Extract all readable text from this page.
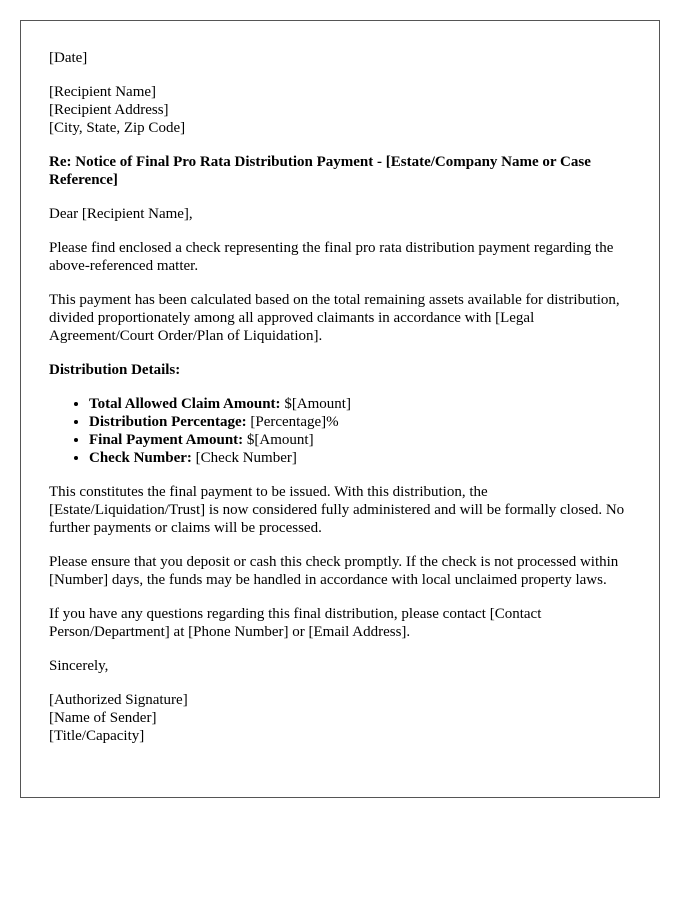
[Date]

[Recipient Name]
[Recipient Address]
[City, State, Zip Code]

Re: Notice of Final Pro Rata Distribution Payment - [Estate/Company Name or Case Reference]

Dear [Recipient Name],

Please find enclosed a check representing the final pro rata distribution payment regarding the above-referenced matter.

This payment has been calculated based on the total remaining assets available for distribution, divided proportionately among all approved claimants in accordance with [Legal Agreement/Court Order/Plan of Liquidation].

Distribution Details:

• Total Allowed Claim Amount: $[Amount]
• Distribution Percentage: [Percentage]%
• Final Payment Amount: $[Amount]
• Check Number: [Check Number]

This constitutes the final payment to be issued. With this distribution, the [Estate/Liquidation/Trust] is now considered fully administered and will be formally closed. No further payments or claims will be processed.

Please ensure that you deposit or cash this check promptly. If the check is not processed within [Number] days, the funds may be handled in accordance with local unclaimed property laws.

If you have any questions regarding this final distribution, please contact [Contact Person/Department] at [Phone Number] or [Email Address].

Sincerely,

[Authorized Signature]
[Name of Sender]
[Title/Capacity]
